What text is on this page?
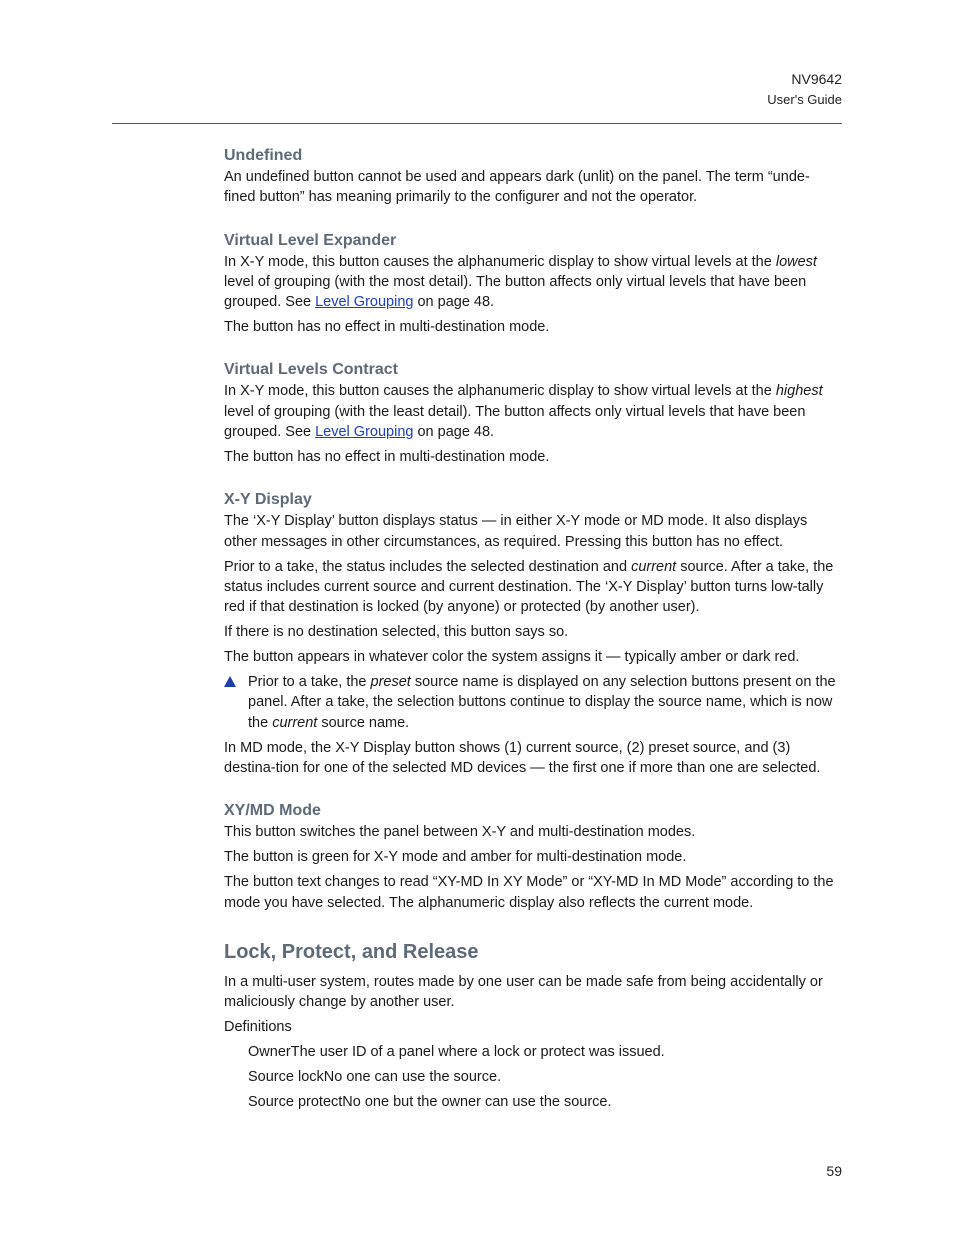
NV9642
User's Guide
Undefined

An undefined button cannot be used and appears dark (unlit) on the panel. The term “unde-fined button” has meaning primarily to the configurer and not the operator.

Virtual Level Expander

In X-Y mode, this button causes the alphanumeric display to show virtual levels at the lowest level of grouping (with the most detail). The button affects only virtual levels that have been grouped. See Level Grouping on page 48.

The button has no effect in multi-destination mode.

Virtual Levels Contract

In X-Y mode, this button causes the alphanumeric display to show virtual levels at the highest level of grouping (with the least detail). The button affects only virtual levels that have been grouped. See Level Grouping on page 48.

The button has no effect in multi-destination mode.

X-Y Display

The ‘X-Y Display’ button displays status — in either X-Y mode or MD mode. It also displays other messages in other circumstances, as required. Pressing this button has no effect.

Prior to a take, the status includes the selected destination and current source. After a take, the status includes current source and current destination. The ‘X-Y Display’ button turns low-tally red if that destination is locked (by anyone) or protected (by another user).

If there is no destination selected, this button says so.

The button appears in whatever color the system assigns it — typically amber or dark red.

Prior to a take, the preset source name is displayed on any selection buttons present on the panel. After a take, the selection buttons continue to display the source name, which is now the current source name.

In MD mode, the X-Y Display button shows (1) current source, (2) preset source, and (3) destina-tion for one of the selected MD devices — the first one if more than one are selected.

XY/MD Mode

This button switches the panel between X-Y and multi-destination modes.

The button is green for X-Y mode and amber for multi-destination mode.

The button text changes to read “XY-MD In XY Mode” or “XY-MD In MD Mode” according to the mode you have selected. The alphanumeric display also reflects the current mode.

Lock, Protect, and Release

In a multi-user system, routes made by one user can be made safe from being accidentally or maliciously change by another user.

Definitions

OwnerThe user ID of a panel where a lock or protect was issued.

Source lockNo one can use the source.

Source protectNo one but the owner can use the source.

59
